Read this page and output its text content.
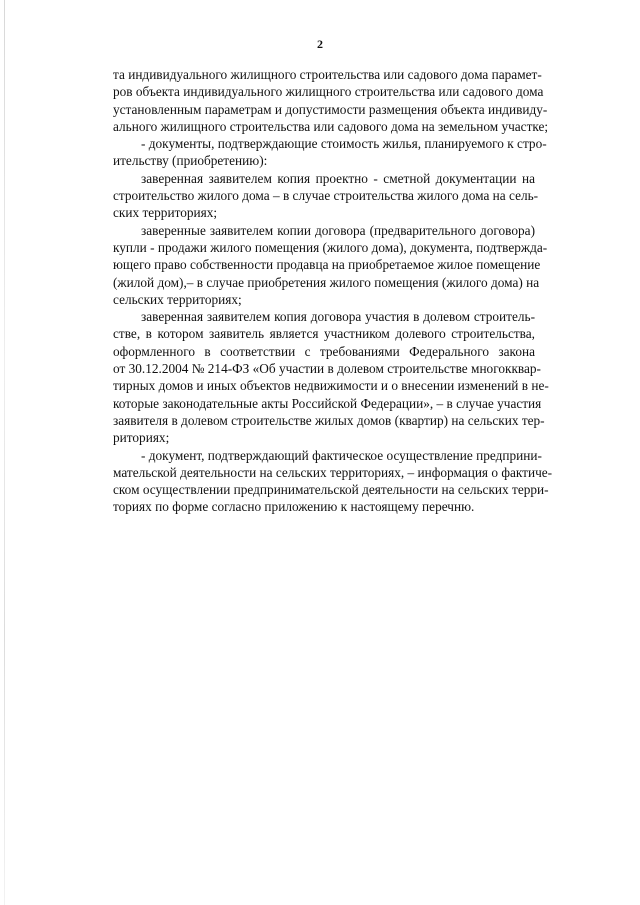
2
та индивидуального жилищного строительства или садового дома парамет-
ров объекта индивидуального жилищного строительства или садового дома
установленным параметрам и допустимости размещения объекта индивиду-
ального жилищного строительства или садового дома на земельном участке;
- документы, подтверждающие стоимость жилья, планируемого к стро-
ительству (приобретению):
заверенная заявителем копия проектно - сметной документации на
строительство жилого дома – в случае строительства жилого дома на сель-
ских территориях;
заверенные заявителем копии договора (предварительного договора)
купли - продажи жилого помещения (жилого дома), документа, подтвержда-
ющего право собственности продавца на приобретаемое жилое помещение
(жилой дом),– в случае приобретения жилого помещения (жилого дома) на
сельских территориях;
заверенная заявителем копия договора участия в долевом строитель-
стве, в котором заявитель является участником долевого строительства,
оформленного в соответствии с требованиями Федерального закона
от 30.12.2004 № 214-ФЗ «Об участии в долевом строительстве многокквар-
тирных домов и иных объектов недвижимости и о внесении изменений в не-
которые законодательные акты Российской Федерации», – в случае участия
заявителя в долевом строительстве жилых домов (квартир) на сельских тер-
риториях;
- документ, подтверждающий фактическое осуществление предприни-
мательской деятельности на сельских территориях, – информация о фактиче-
ском осуществлении предпринимательской деятельности на сельских терри-
ториях по форме согласно приложению к настоящему перечню.
